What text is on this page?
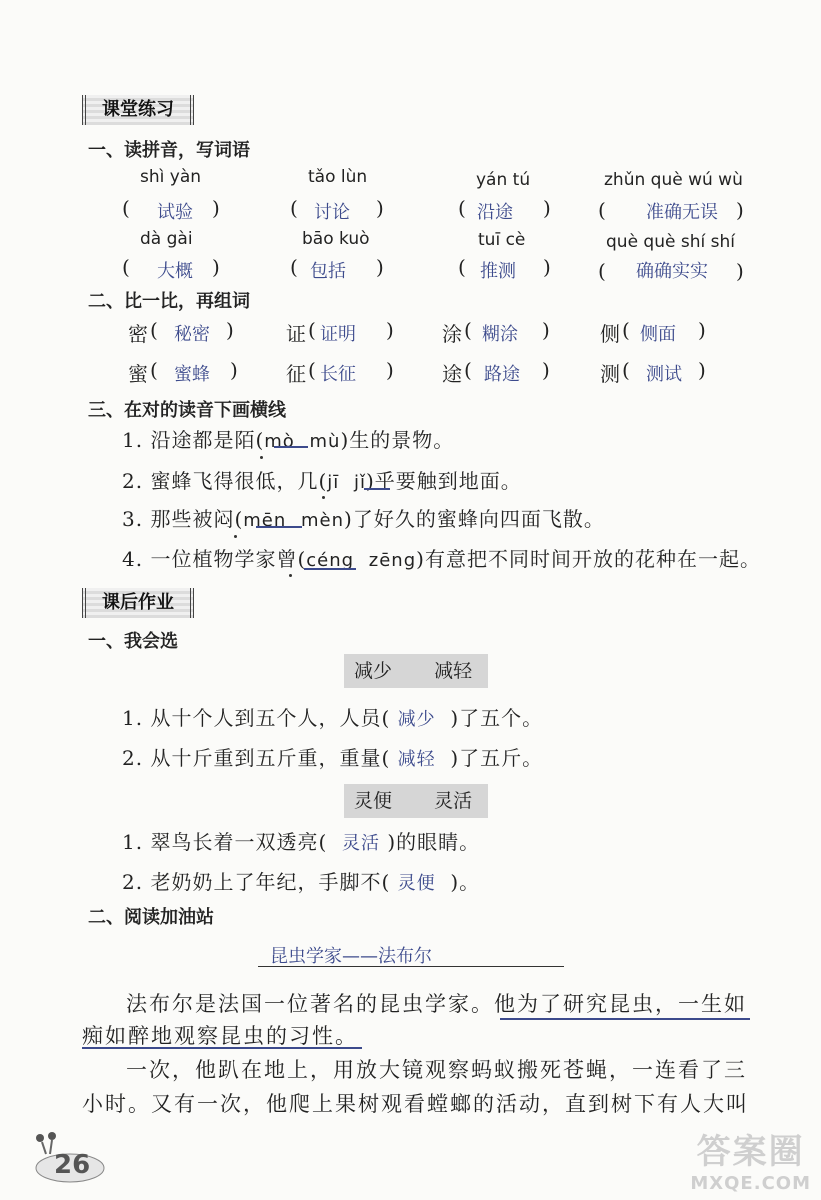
课堂练习
一、读拼音，写词语
shì yàn	tǎo lùn	yán tú	zhǔn què wú wù
( 试验 )	( 讨论 )	( 沿途 ) ( 准确无误 )
dà gài	bāo kuò	tuī cè	què què shí shí
( 大概 )	( 包括 )	( 推测 ) ( 确确实实 )
二、比一比，再组词
密 ( 秘密 )	证 ( 证明 ) 涂 ( 糊涂 )	侧 ( 侧面 )
蜜 ( 蜜蜂 ) 征 ( 长征 ) 途 ( 路途 )	测 ( 测试 )
三、在对的读音下画横线
1. 沿途都是陌(mò mù)生的景物。
2. 蜜蜂飞得很低，几(jī jǐ)乎要触到地面。
3. 那些被闷(mēn mèn)了好久的蜜蜂向四面飞散。
4. 一位植物学家曾(céng zēng)有意把不同时间开放的花种在一起。
课后作业
一、我会选
减少 减轻
1. 从十个人到五个人，人员( 减少 )了五个。
2. 从十斤重到五斤重，重量( 减轻 )了五斤。
灵便 灵活
1. 翠鸟长着一双透亮( 灵活 )的眼睛。
2. 老奶奶上了年纪，手脚不( 灵便 )。
二、阅读加油站
昆虫学家——法布尔
法布尔是法国一位著名的昆虫学家。他为了研究昆虫，一生如
痴如醉地观察昆虫的习性。
一次，他趴在地上，用放大镜观察蚂蚁搬死苍蝇，一连看了三
小时。又有一次，他爬上果树观看螳螂的活动，直到树下有人大叫
26	答案圈
MXQE.COM
